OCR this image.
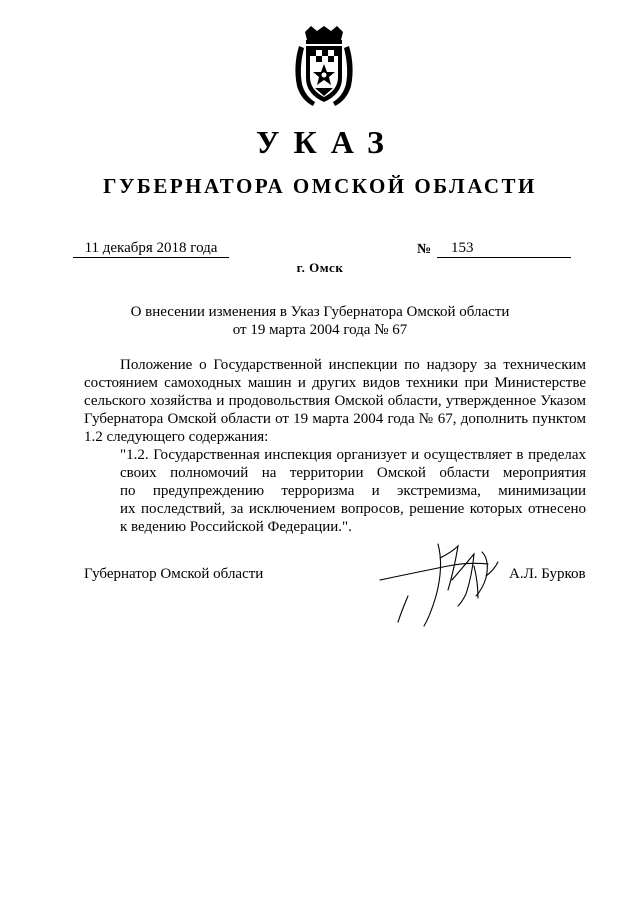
УКАЗ
ГУБЕРНАТОРА ОМСКОЙ ОБЛАСТИ
11 декабря 2018 года	№	153
г. Омск
О внесении изменения в Указ Губернатора Омской области
от 19 марта 2004 года № 67

Положение о Государственной инспекции по надзору за техническим состоянием самоходных машин и других видов техники при Министерстве сельского хозяйства и продовольствия Омской области, утвержденное Указом Губернатора Омской области от 19 марта 2004 года № 67, дополнить пунктом 1.2 следующего содержания:

"1.2. Государственная инспекция организует и осуществляет в пределах

своих полномочий на территории Омской области мероприятия

по предупреждению терроризма и экстремизма, минимизации

их последствий, за исключением вопросов, решение которых отнесено

к ведению Российской Федерации.".

Губернатор Омской области	А.Л. Бурков
